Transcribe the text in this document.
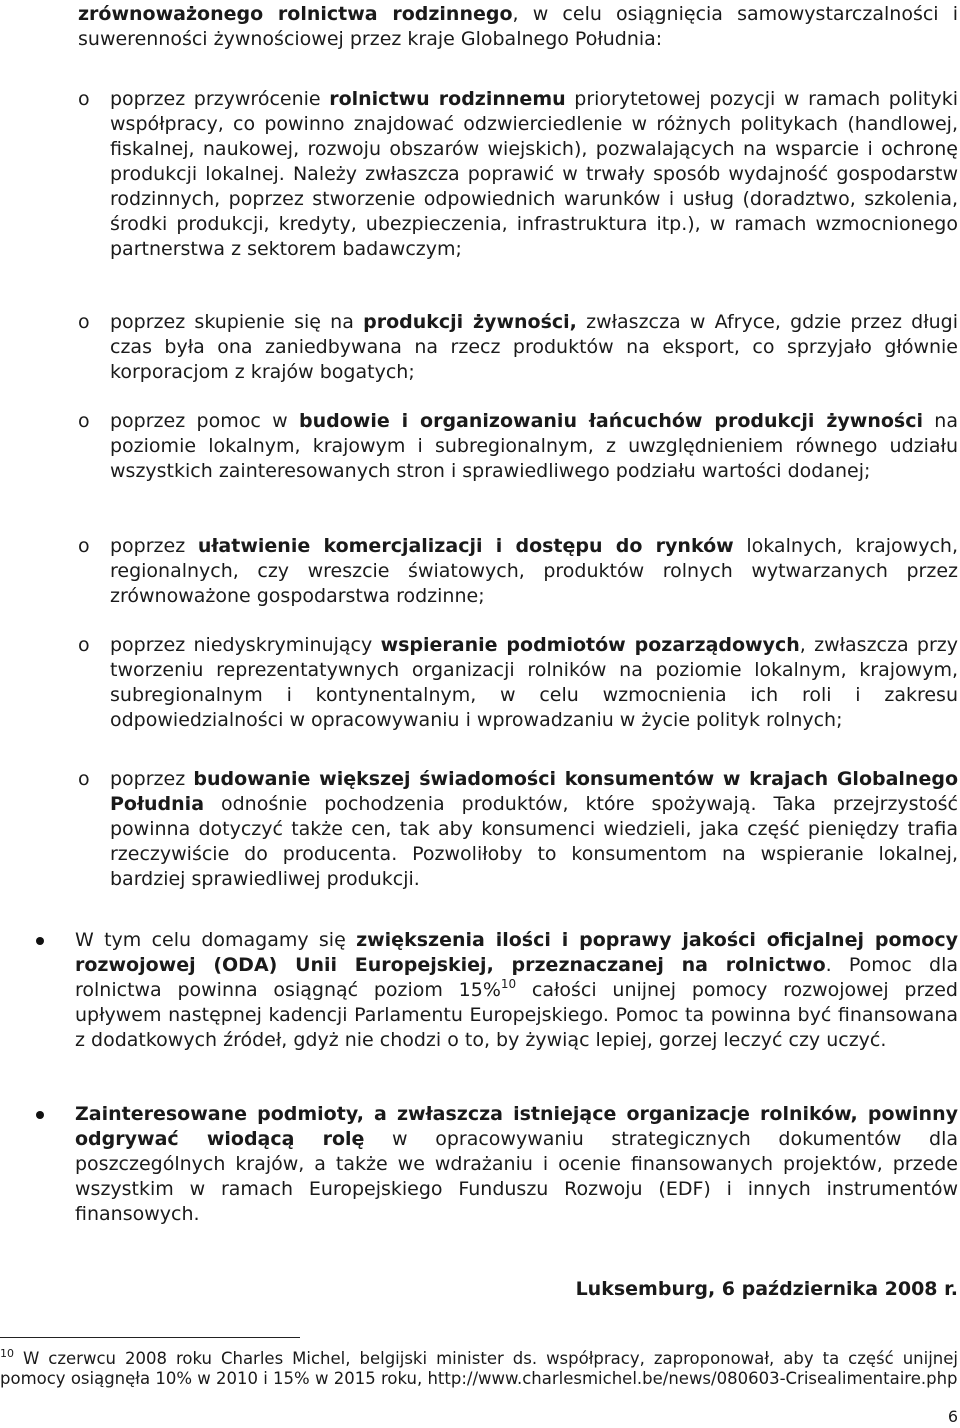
zrównoważonego rolnictwa rodzinnego, w celu osiągnięcia samowystarczalności i suwerenności żywnościowej przez kraje Globalnego Południa:

o poprzez przywrócenie rolnictwu rodzinnemu priorytetowej pozycji w ramach polityki współpracy, co powinno znajdować odzwierciedlenie w różnych politykach (handlowej, fiskalnej, naukowej, rozwoju obszarów wiejskich), pozwalających na wsparcie i ochronę produkcji lokalnej. Należy zwłaszcza poprawić w trwały sposób wydajność gospodarstw rodzinnych, poprzez stworzenie odpowiednich warunków i usług (doradztwo, szkolenia, środki produkcji, kredyty, ubezpieczenia, infrastruktura itp.), w ramach wzmocnionego partnerstwa z sektorem badawczym;

o poprzez skupienie się na produkcji żywności, zwłaszcza w Afryce, gdzie przez długi czas była ona zaniedbywana na rzecz produktów na eksport, co sprzyjało głównie korporacjom z krajów bogatych;

o poprzez pomoc w budowie i organizowaniu łańcuchów produkcji żywności na poziomie lokalnym, krajowym i subregionalnym, z uwzględnieniem równego udziału wszystkich zainteresowanych stron i sprawiedliwego podziału wartości dodanej;

o poprzez ułatwienie komercjalizacji i dostępu do rynków lokalnych, krajowych, regionalnych, czy wreszcie światowych, produktów rolnych wytwarzanych przez zrównoważone gospodarstwa rodzinne;

o poprzez niedyskryminujący wspieranie podmiotów pozarządowych, zwłaszcza przy tworzeniu reprezentatywnych organizacji rolników na poziomie lokalnym, krajowym, subregionalnym i kontynentalnym, w celu wzmocnienia ich roli i zakresu odpowiedzialności w opracowywaniu i wprowadzaniu w życie polityk rolnych;

o poprzez budowanie większej świadomości konsumentów w krajach Globalnego Południa odnośnie pochodzenia produktów, które spożywają. Taka przejrzystość powinna dotyczyć także cen, tak aby konsumenci wiedzieli, jaka część pieniędzy trafia rzeczywiście do producenta. Pozwoliłoby to konsumentom na wspieranie lokalnej, bardziej sprawiedliwej produkcji.

W tym celu domagamy się zwiększenia ilości i poprawy jakości oficjalnej pomocy rozwojowej (ODA) Unii Europejskiej, przeznaczanej na rolnictwo. Pomoc dla rolnictwa powinna osiągnąć poziom 15%$^{10}$ całości unijnej pomocy rozwojowej przed upływem następnej kadencji Parlamentu Europejskiego. Pomoc ta powinna być finansowana z dodatkowych źródeł, gdyż nie chodzi o to, by żywiąc lepiej, gorzej leczyć czy uczyć.

Zainteresowane podmioty, a zwłaszcza istniejące organizacje rolników, powinny odgrywać wiodącą rolę w opracowywaniu strategicznych dokumentów dla poszczególnych krajów, a także we wdrażaniu i ocenie finansowanych projektów, przede wszystkim w ramach Europejskiego Funduszu Rozwoju (EDF) i innych instrumentów finansowych.

Luksemburg, 6 października 2008 r.

$^{10}$ W czerwcu 2008 roku Charles Michel, belgijski minister ds. współpracy, zaproponował, aby ta część unijnej pomocy osiągnęła 10% w 2010 i 15% w 2015 roku, http://www.charlesmichel.be/news/080603-Crisealimentaire.php

6
